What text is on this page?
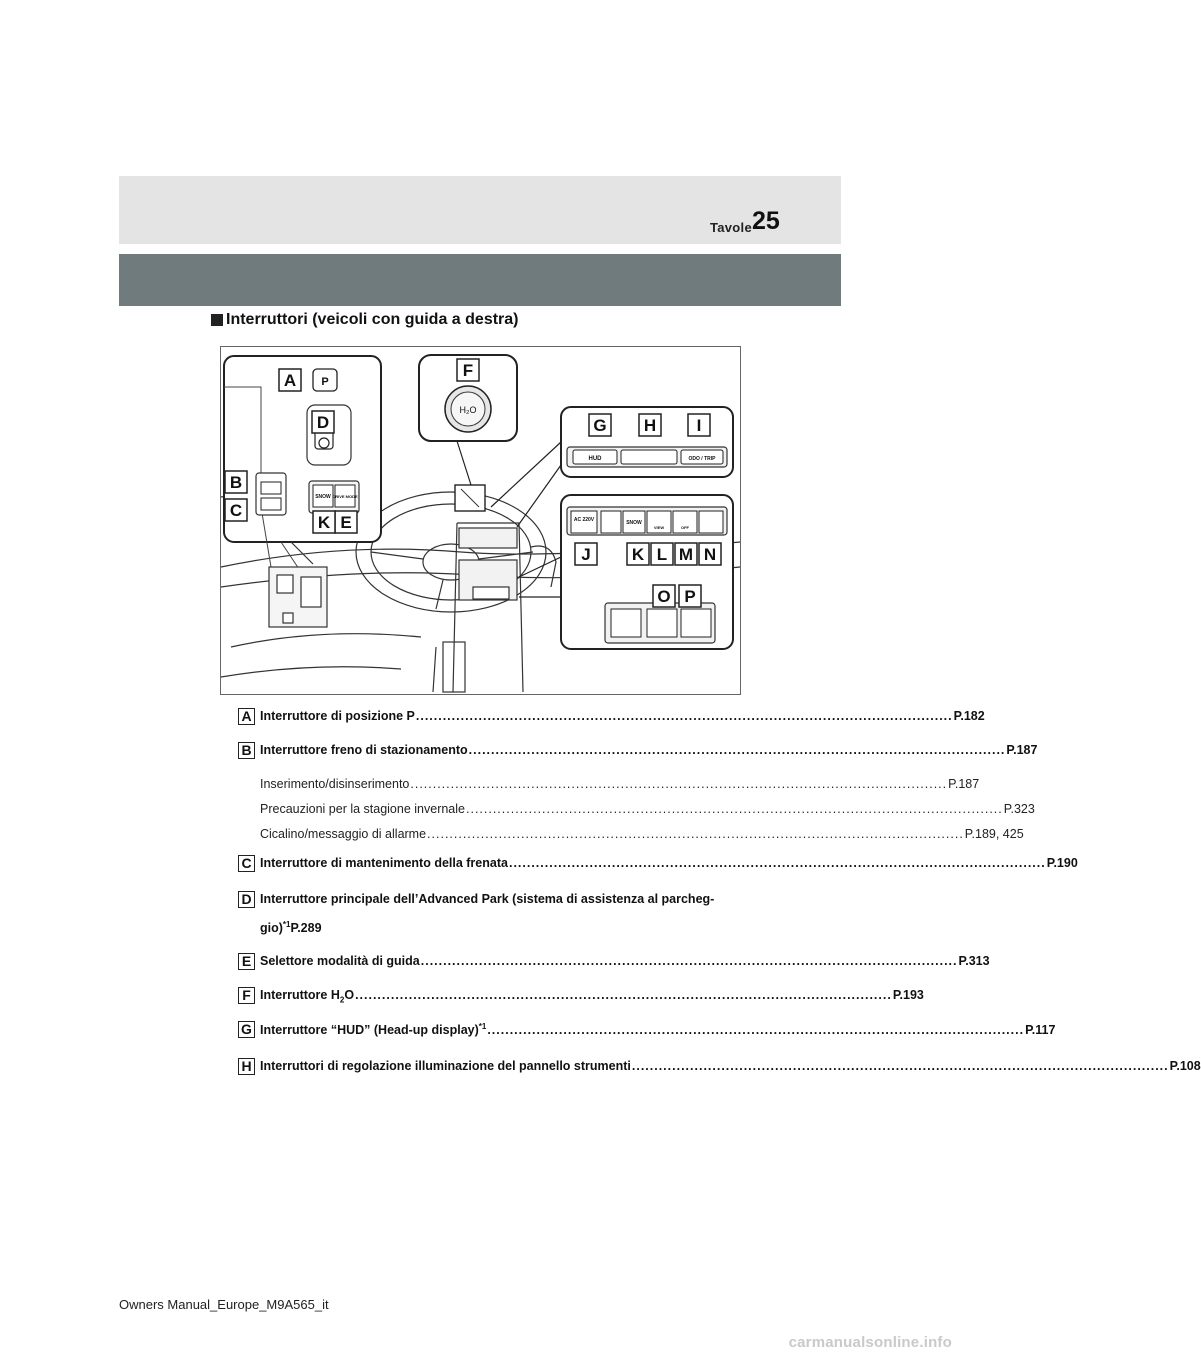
Tavole 25
Interruttori (veicoli con guida a destra)
P
SNOW DRIVE MODE
H₂O
HUD	ODO / TRIP
AC 220V	SNOW
VIEW	OFF
A
B
C
D
E
F
G H I
J
K
K L M N
O P
A Interruttore di posizione P ........................................................................................................................ P.182
B Interruttore freno di stazionamento ........................................................................................................................ P.187
Inserimento/disinserimento ........................................................................................................................ P.187
Precauzioni per la stagione invernale ........................................................................................................................ P.323
Cicalino/messaggio di allarme ........................................................................................................................ P.189, 425
C Interruttore di mantenimento della frenata ........................................................................................................................ P.190
D Interruttore principale dell’Advanced Park (sistema di assistenza al parcheg-
gio)$^{*1}$P.289
E Selettore modalità di guida ........................................................................................................................ P.313
F Interruttore $H_2O$ ........................................................................................................................ P.193
G Interruttore “HUD” (Head-up display)$^{*1}$ ........................................................................................................................ P.117
H Interruttori di regolazione illuminazione del pannello strumenti ........................................................................................................................ P.108
Owners Manual_Europe_M9A565_it
carmanualsonline.info
